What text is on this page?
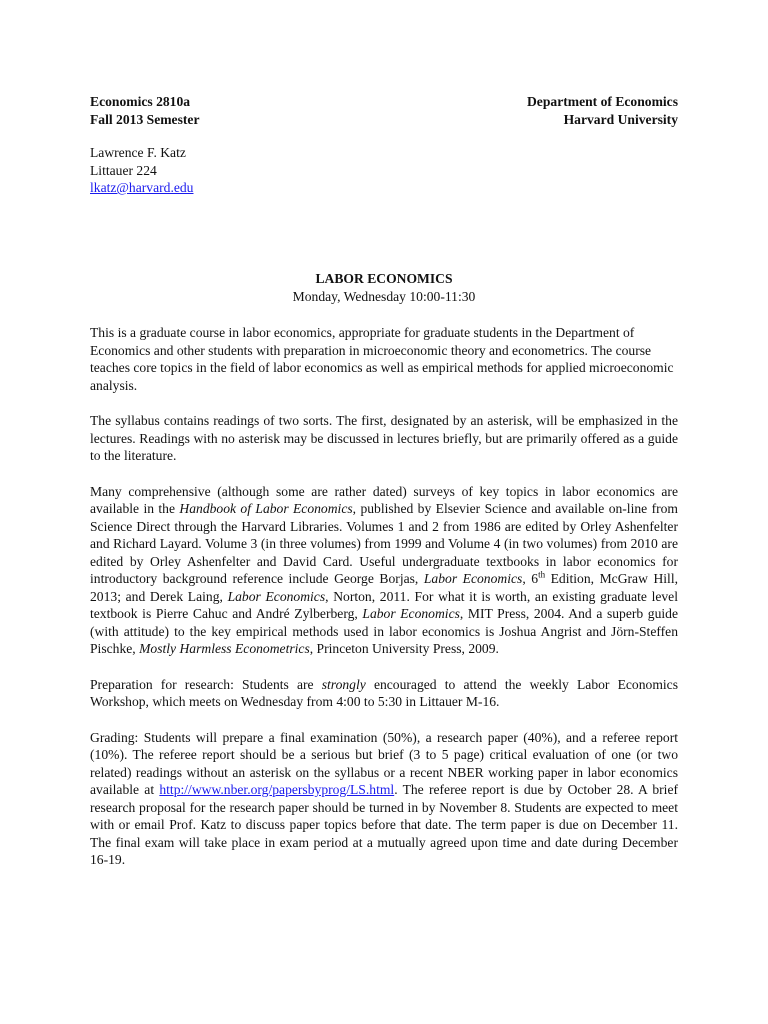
Economics 2810a
Fall 2013 Semester
Department of Economics
Harvard University
Lawrence F. Katz
Littauer 224
lkatz@harvard.edu
LABOR ECONOMICS
Monday, Wednesday 10:00-11:30

This is a graduate course in labor economics, appropriate for graduate students in the Department of Economics and other students with preparation in microeconomic theory and econometrics. The course teaches core topics in the field of labor economics as well as empirical methods for applied microeconomic analysis.

The syllabus contains readings of two sorts. The first, designated by an asterisk, will be emphasized in the lectures. Readings with no asterisk may be discussed in lectures briefly, but are primarily offered as a guide to the literature.

Many comprehensive (although some are rather dated) surveys of key topics in labor economics are available in the Handbook of Labor Economics, published by Elsevier Science and available on-line from Science Direct through the Harvard Libraries. Volumes 1 and 2 from 1986 are edited by Orley Ashenfelter and Richard Layard. Volume 3 (in three volumes) from 1999 and Volume 4 (in two volumes) from 2010 are edited by Orley Ashenfelter and David Card. Useful undergraduate textbooks in labor economics for introductory background reference include George Borjas, Labor Economics, 6th Edition, McGraw Hill, 2013; and Derek Laing, Labor Economics, Norton, 2011. For what it is worth, an existing graduate level textbook is Pierre Cahuc and André Zylberberg, Labor Economics, MIT Press, 2004. And a superb guide (with attitude) to the key empirical methods used in labor economics is Joshua Angrist and Jörn-Steffen Pischke, Mostly Harmless Econometrics, Princeton University Press, 2009.

Preparation for research: Students are strongly encouraged to attend the weekly Labor Economics Workshop, which meets on Wednesday from 4:00 to 5:30 in Littauer M-16.

Grading: Students will prepare a final examination (50%), a research paper (40%), and a referee report (10%). The referee report should be a serious but brief (3 to 5 page) critical evaluation of one (or two related) readings without an asterisk on the syllabus or a recent NBER working paper in labor economics available at http://www.nber.org/papersbyprog/LS.html. The referee report is due by October 28. A brief research proposal for the research paper should be turned in by November 8. Students are expected to meet with or email Prof. Katz to discuss paper topics before that date. The term paper is due on December 11. The final exam will take place in exam period at a mutually agreed upon time and date during December 16-19.
